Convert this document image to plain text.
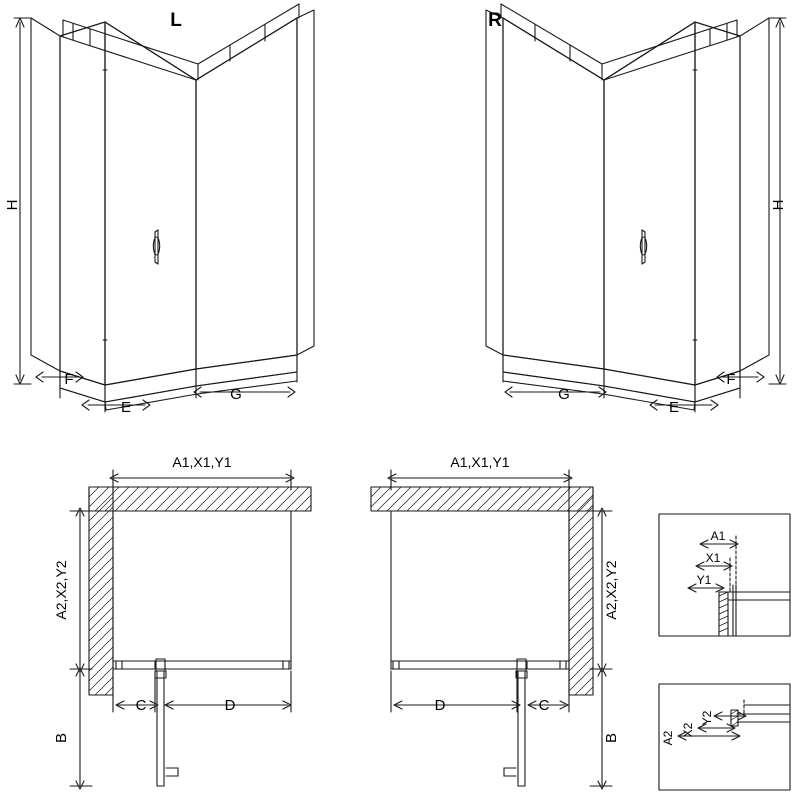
L	R
H	H
F
E
G
F
E
G
A1,X1,Y1	A1,X1,Y1
A2,X2,Y2	A2,X2,Y2
B	B
C	D	D	C
A1
X1
Y1
A2
X2
Y2
